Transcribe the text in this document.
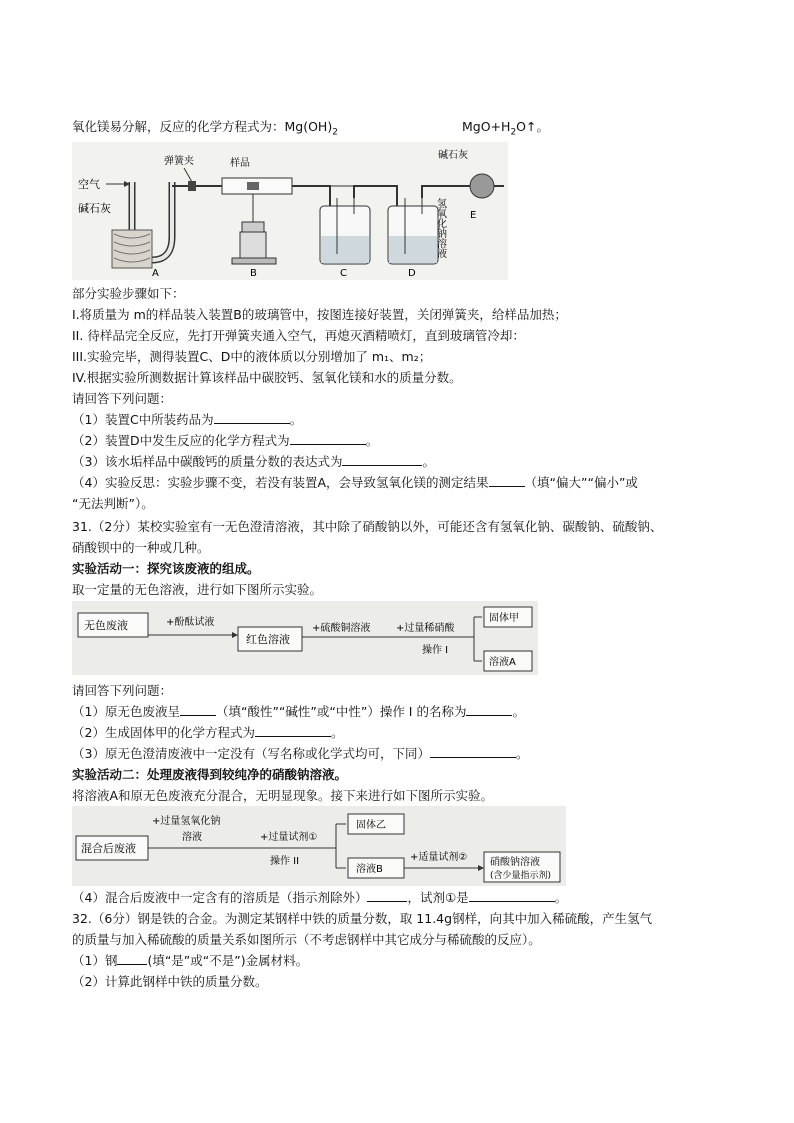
氧化镁易分解，反应的化学方程式为：$Mg(OH)_2$	$MgO+H_2O↑$。
空气
碱石灰
A
弹簧夹	样品
B	C	D
氢氧化钠溶液
碱石灰
E
部分实验步骤如下：
I.将质量为 m的样品装入装置B的玻璃管中，按图连接好装置，关闭弹簧夹，给样品加热；
II. 待样品完全反应，先打开弹簧夹通入空气，再熄灭酒精喷灯，直到玻璃管冷却：
III.实验完毕，测得装置C、D中的液体质以分别增加了 m₁、m₂；
IV.根据实验所测数据计算该样品中碳胶钙、氢氧化镁和水的质量分数。
请回答下列问题：
（1）装置C中所装药品为	。
（2）装置D中发生反应的化学方程式为	。
（3）该水垢样品中碳酸钙的质量分数的表达式为	。
（4）实验反思：实验步骤不变，若没有装置A，会导致氢氧化镁的测定结果	（填“偏大”“偏小”或
“无法判断”）。
31.（2分）某校实验室有一无色澄清溶液，其中除了硝酸钠以外，可能还含有氢氧化钠、碳酸钠、硫酸钠、
硝酸钡中的一种或几种。
实验活动一：探究该废液的组成。
取一定量的无色溶液，进行如下图所示实验。
无色废液	+酚酞试液
红色溶液
+硫酸铜溶液	+过量稀硝酸
操作 I
固体甲
溶液A
请回答下列问题：
（1）原无色废液呈	（填“酸性”“碱性”或“中性”）操作 I 的名称为	。
（2）生成固体甲的化学方程式为	。
（3）原无色澄清废液中一定没有（写名称或化学式均可，下同）	。
实验活动二：处理废液得到较纯净的硝酸钠溶液。
将溶液A和原无色废液充分混合，无明显现象。接下来进行如下图所示实验。
混合后废液
+过量氢氧化钠
溶液	+过量试剂①
操作 II
固体乙
溶液B
+适量试剂② 硝酸钠溶液
(含少量指示剂)
（4）混合后废液中一定含有的溶质是（指示剂除外）	，试剂①是	。
32.（6分）钢是铁的合金。为测定某钢样中铁的质量分数，取 11.4g钢样，向其中加入稀硫酸，产生氢气
的质量与加入稀硫酸的质量关系如图所示（不考虑钢样中其它成分与稀硫酸的反应）。
（1）钢 (填“是”或“不是”)金属材料。
（2）计算此钢样中铁的质量分数。
